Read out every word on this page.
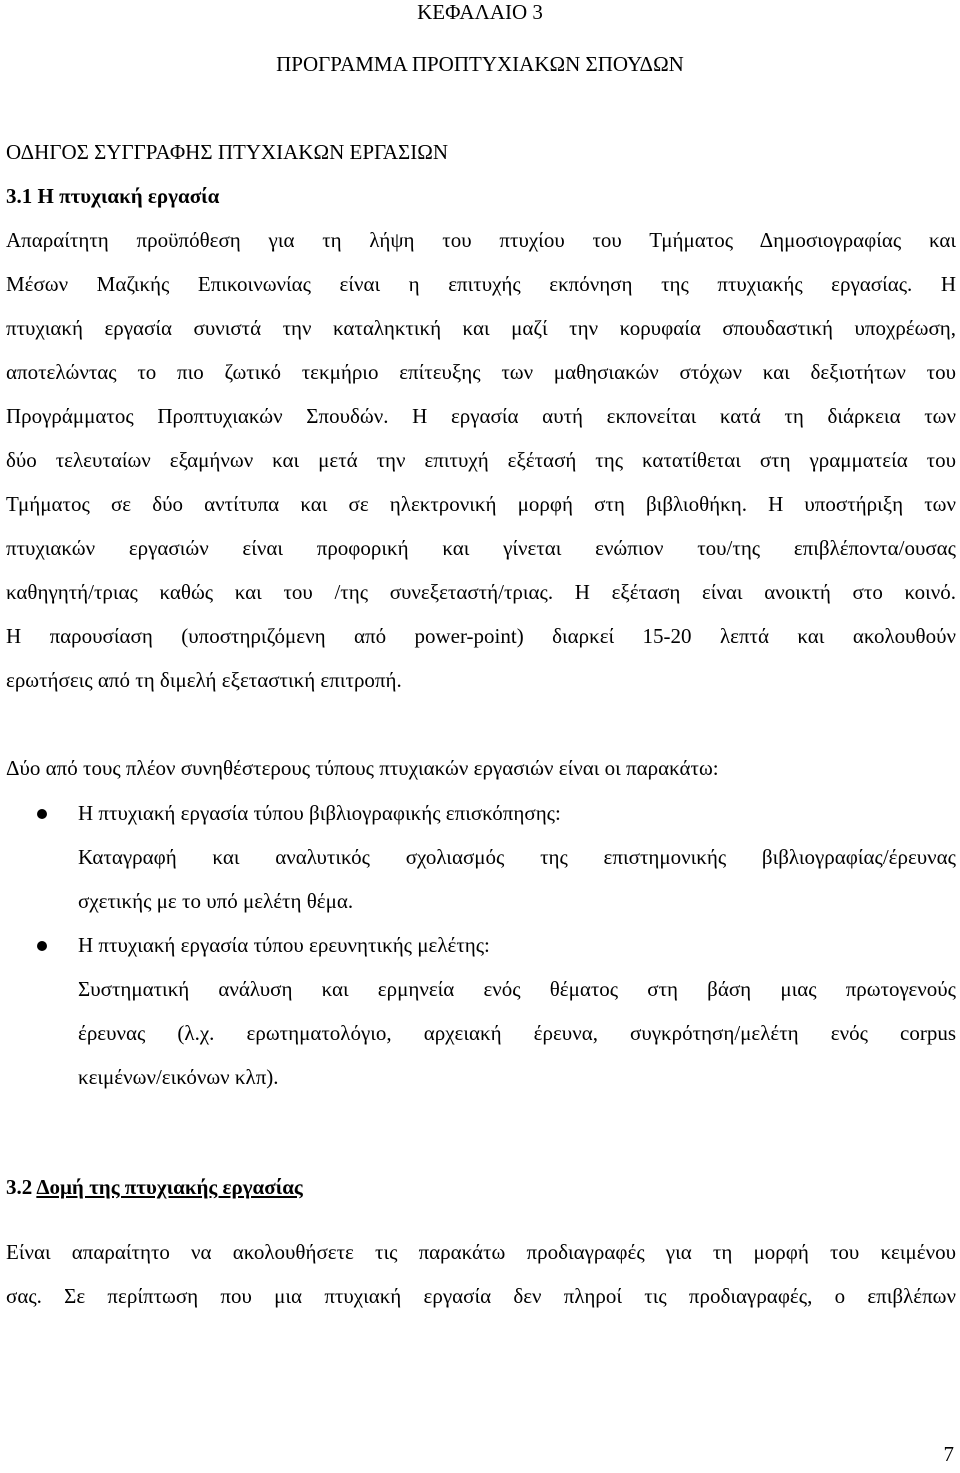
ΚΕΦΑΛΑΙΟ 3
ΠΡΟΓΡΑΜΜΑ ΠΡΟΠΤΥΧΙΑΚΩΝ ΣΠΟΥΔΩΝ
ΟΔΗΓΟΣ ΣΥΓΓΡΑΦΗΣ ΠΤΥΧΙΑΚΩΝ ΕΡΓΑΣΙΩΝ
3.1 Η πτυχιακή εργασία
Απαραίτητη προϋπόθεση για τη λήψη του πτυχίου του Τμήματος Δημοσιογραφίας και
Μέσων Μαζικής Επικοινωνίας είναι η επιτυχής εκπόνηση της πτυχιακής εργασίας. Η
πτυχιακή εργασία συνιστά την καταληκτική και μαζί την κορυφαία σπουδαστική υποχρέωση,
αποτελώντας το πιο ζωτικό τεκμήριο επίτευξης των μαθησιακών στόχων και δεξιοτήτων του
Προγράμματος Προπτυχιακών Σπουδών. Η εργασία αυτή εκπονείται κατά τη διάρκεια των
δύο τελευταίων εξαμήνων και μετά την επιτυχή εξέτασή της κατατίθεται στη γραμματεία του
Τμήματος σε δύο αντίτυπα και σε ηλεκτρονική μορφή στη βιβλιοθήκη. Η υποστήριξη των
πτυχιακών εργασιών είναι προφορική και γίνεται ενώπιον του/της επιβλέποντα/ουσας
καθηγητή/τριας καθώς και του /της συνεξεταστή/τριας. Η εξέταση είναι ανοικτή στο κοινό.
Η παρουσίαση (υποστηριζόμενη από power-point) διαρκεί 15-20 λεπτά και ακολουθούν
ερωτήσεις από τη διμελή εξεταστική επιτροπή.
Δύο από τους πλέον συνηθέστερους τύπους πτυχιακών εργασιών είναι οι παρακάτω:
Η πτυχιακή εργασία τύπου βιβλιογραφικής επισκόπησης:
Καταγραφή και αναλυτικός σχολιασμός της επιστημονικής βιβλιογραφίας/έρευνας
σχετικής με το υπό μελέτη θέμα.
Η πτυχιακή εργασία τύπου ερευνητικής μελέτης:
Συστηματική ανάλυση και ερμηνεία ενός θέματος στη βάση μιας πρωτογενούς
έρευνας (λ.χ. ερωτηματολόγιο, αρχειακή έρευνα, συγκρότηση/μελέτη ενός corpus
κειμένων/εικόνων κλπ).
3.2 Δομή της πτυχιακής εργασίας
Είναι απαραίτητο να ακολουθήσετε τις παρακάτω προδιαγραφές για τη μορφή του κειμένου
σας. Σε περίπτωση που μια πτυχιακή εργασία δεν πληροί τις προδιαγραφές, ο επιβλέπων
7
